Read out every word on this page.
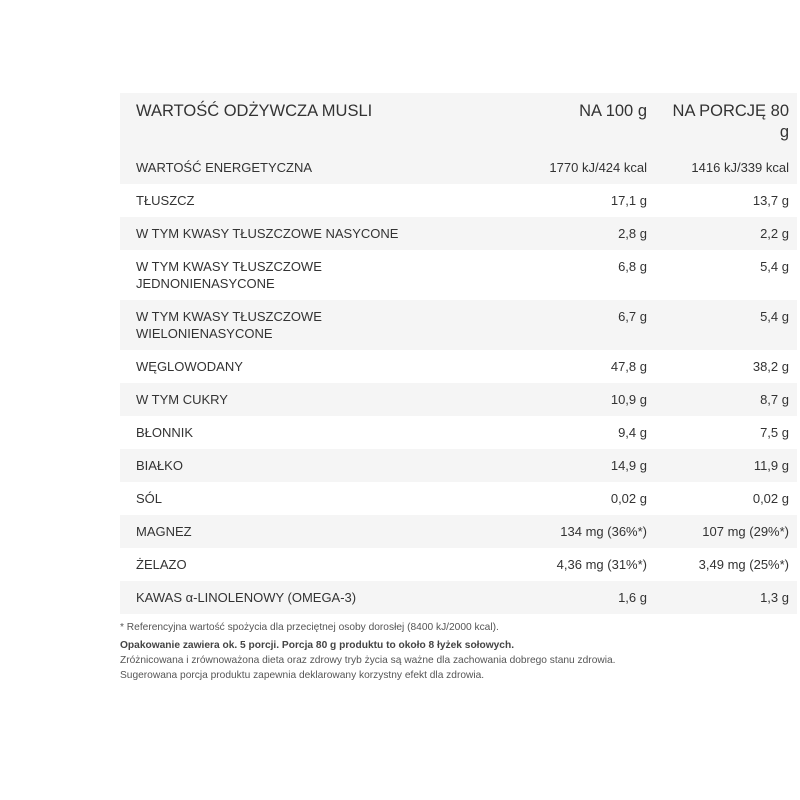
WARTOŚĆ ODŻYWCZA MUSLI	NA 100 g	NA PORCJĘ 80 g
WARTOŚĆ ENERGETYCZNA	1770 kJ/424 kcal	1416 kJ/339 kcal
TŁUSZCZ	17,1 g	13,7 g
W TYM KWASY TŁUSZCZOWE NASYCONE	2,8 g	2,2 g
W TYM KWASY TŁUSZCZOWE JEDNONIENASYCONE	6,8 g	5,4 g
W TYM KWASY TŁUSZCZOWE WIELONIENASYCONE	6,7 g	5,4 g
WĘGLOWODANY	47,8 g	38,2 g
W TYM CUKRY	10,9 g	8,7 g
BŁONNIK	9,4 g	7,5 g
BIAŁKO	14,9 g	11,9 g
SÓL	0,02 g	0,02 g
MAGNEZ	134 mg (36%*)	107 mg (29%*)
ŻELAZO	4,36 mg (31%*)	3,49 mg (25%*)
KAWAS α-LINOLENOWY (OMEGA-3)	1,6 g	1,3 g

* Referencyjna wartość spożycia dla przeciętnej osoby dorosłej (8400 kJ/2000 kcal).

Opakowanie zawiera ok. 5 porcji. Porcja 80 g produktu to około 8 łyżek sołowych.

Zróżnicowana i zrównoważona dieta oraz zdrowy tryb życia są ważne dla zachowania dobrego stanu zdrowia.

Sugerowana porcja produktu zapewnia deklarowany korzystny efekt dla zdrowia.
